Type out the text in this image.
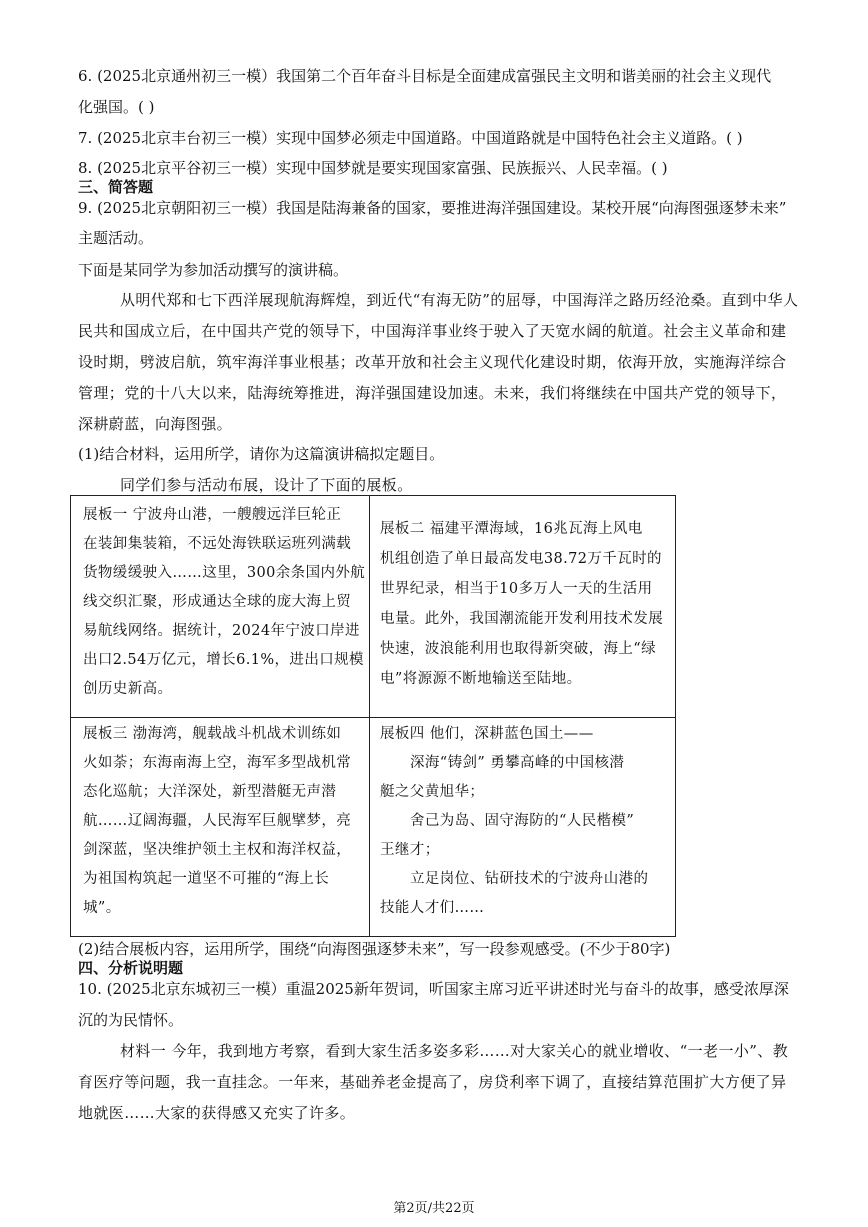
6. (2025北京通州初三一模）我国第二个百年奋斗目标是全面建成富强民主文明和谐美丽的社会主义现代
化强国。( )
7. (2025北京丰台初三一模）实现中国梦必须走中国道路。中国道路就是中国特色社会主义道路。( )
8. (2025北京平谷初三一模）实现中国梦就是要实现国家富强、民族振兴、人民幸福。( )
三、简答题
9. (2025北京朝阳初三一模）我国是陆海兼备的国家，要推进海洋强国建设。某校开展“向海图强逐梦未来”
主题活动。
下面是某同学为参加活动撰写的演讲稿。
从明代郑和七下西洋展现航海辉煌，到近代“有海无防”的屈辱，中国海洋之路历经沧桑。直到中华人
民共和国成立后，在中国共产党的领导下，中国海洋事业终于驶入了天宽水阔的航道。社会主义革命和建
设时期，劈波启航，筑牢海洋事业根基；改革开放和社会主义现代化建设时期，依海开放，实施海洋综合
管理；党的十八大以来，陆海统筹推进，海洋强国建设加速。未来，我们将继续在中国共产党的领导下，
深耕蔚蓝，向海图强。
(1)结合材料，运用所学，请你为这篇演讲稿拟定题目。
同学们参与活动布展，设计了下面的展板。
展板一 宁波舟山港，一艘艘远洋巨轮正
在装卸集装箱，不远处海铁联运班列满载
货物缓缓驶入……这里，300余条国内外航
线交织汇聚，形成通达全球的庞大海上贸
易航线网络。据统计，2024年宁波口岸进
出口2.54万亿元，增长6.1%，进出口规模
创历史新高。
展板二 福建平潭海域，16兆瓦海上风电
机组创造了单日最高发电38.72万千瓦时的
世界纪录，相当于10多万人一天的生活用
电量。此外，我国潮流能开发利用技术发展
快速，波浪能利用也取得新突破，海上“绿
电”将源源不断地输送至陆地。
展板三 渤海湾，舰载战斗机战术训练如
火如荼；东海南海上空，海军多型战机常
态化巡航；大洋深处，新型潜艇无声潜
航……辽阔海疆，人民海军巨舰擘梦，亮
剑深蓝，坚决维护领土主权和海洋权益，
为祖国构筑起一道坚不可摧的“海上长
城”。
展板四 他们，深耕蓝色国土——
深海“铸剑” 勇攀高峰的中国核潜
艇之父黄旭华；
舍己为岛、固守海防的“人民楷模”
王继才；
立足岗位、钻研技术的宁波舟山港的
技能人才们……
(2)结合展板内容，运用所学，围绕“向海图强逐梦未来”，写一段参观感受。(不少于80字)
四、分析说明题
10. (2025北京东城初三一模）重温2025新年贺词，听国家主席习近平讲述时光与奋斗的故事，感受浓厚深
沉的为民情怀。
材料一 今年，我到地方考察，看到大家生活多姿多彩……对大家关心的就业增收、“一老一小”、教
育医疗等问题，我一直挂念。一年来，基础养老金提高了，房贷利率下调了，直接结算范围扩大方便了异
地就医……大家的获得感又充实了许多。
第2页/共22页
